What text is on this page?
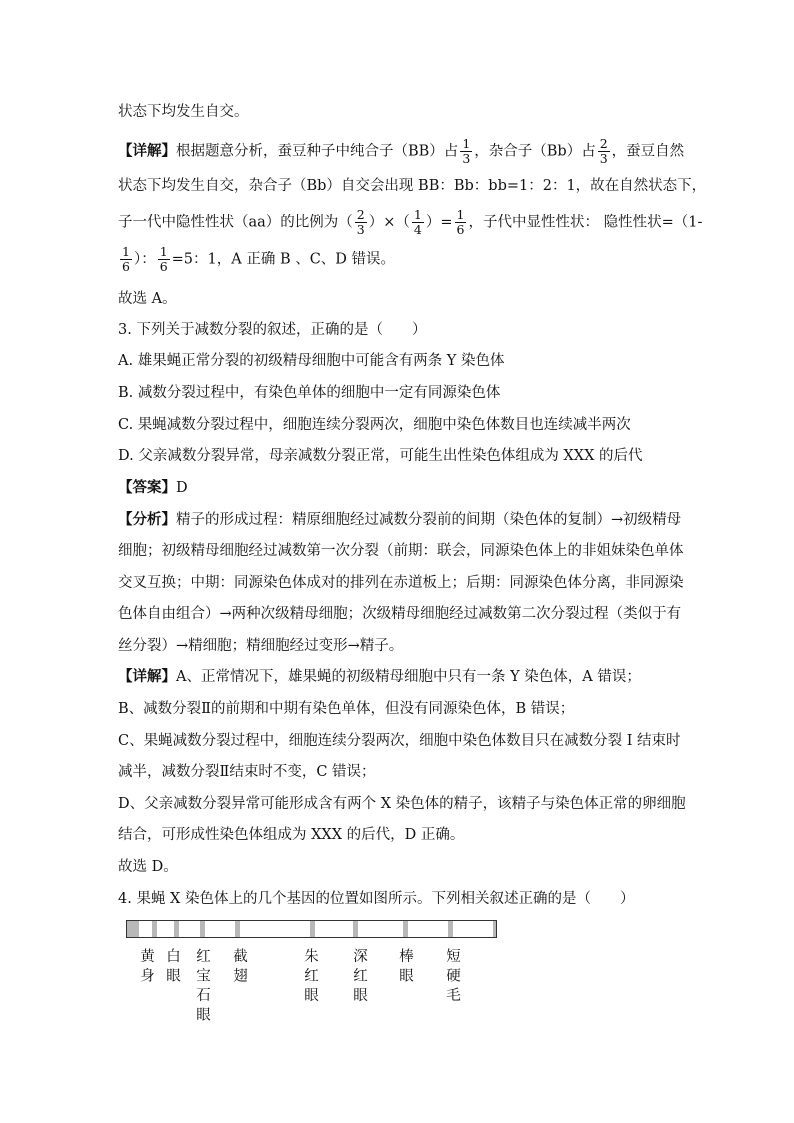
状态下均发生自交。
【详解】根据题意分析，蚕豆种子中纯合子（BB）占 $\frac{1}{3}$ ，杂合子（Bb）占 $\frac{2}{3}$ ，蚕豆自然
状态下均发生自交，杂合子（Bb）自交会出现 BB：Bb：bb=1：2：1，故在自然状态下，
子一代中隐性性状（aa）的比例为（ $\frac{2}{3}$ ）×（ $\frac{1}{4}$ ）= $\frac{1}{6}$ ，子代中显性性状： 隐性性状=（1-
$\frac{1}{6}$ ）： $\frac{1}{6} =5$：1，A 正确 B 、C、D 错误。
故选 A。
3. 下列关于减数分裂的叙述，正确的是（　　）
A. 雄果蝇正常分裂的初级精母细胞中可能含有两条 Y 染色体
B. 减数分裂过程中，有染色单体的细胞中一定有同源染色体
C. 果蝇减数分裂过程中，细胞连续分裂两次，细胞中染色体数目也连续减半两次
D. 父亲减数分裂异常，母亲减数分裂正常，可能生出性染色体组成为 XXX 的后代
【答案】D
【分析】精子的形成过程：精原细胞经过减数分裂前的间期（染色体的复制）→初级精母
细胞；初级精母细胞经过减数第一次分裂（前期：联会，同源染色体上的非姐妹染色单体
交叉互换；中期：同源染色体成对的排列在赤道板上；后期：同源染色体分离，非同源染
色体自由组合）→两种次级精母细胞；次级精母细胞经过减数第二次分裂过程（类似于有
丝分裂）→精细胞；精细胞经过变形→精子。
【详解】A、正常情况下，雄果蝇的初级精母细胞中只有一条 Y 染色体，A 错误；
B、减数分裂Ⅱ的前期和中期有染色单体，但没有同源染色体，B 错误；
C、果蝇减数分裂过程中，细胞连续分裂两次，细胞中染色体数目只在减数分裂 I 结束时
减半，减数分裂Ⅱ结束时不变，C 错误；
D、父亲减数分裂异常可能形成含有两个 X 染色体的精子，该精子与染色体正常的卵细胞
结合，可形成性染色体组成为 XXX 的后代，D 正确。
故选 D。
4. 果蝇 X 染色体上的几个基因的位置如图所示。下列相关叙述正确的是（　　）
黄身 白眼 红宝石眼 截翅	朱红眼 深红眼 棒眼 短硬毛
